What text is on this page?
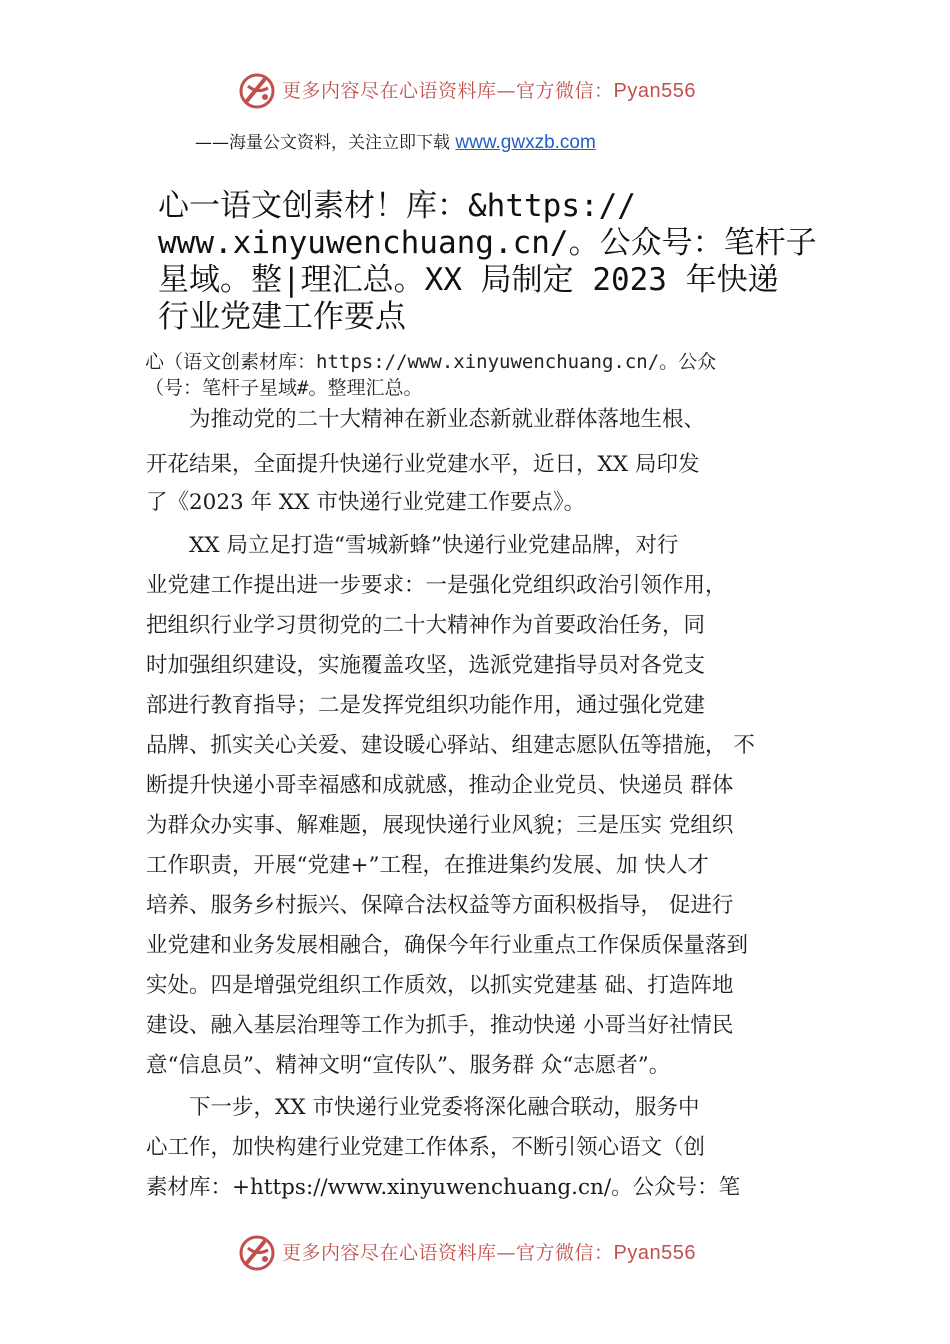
更多内容尽在心语资料库—官方微信：Pyan556
——海量公文资料，关注立即下载 www.gwxzb.com
心一语文创素材！库：&https://
www.xinyuwenchuang.cn/。公众号：笔杆子
星域。整|理汇总。XX 局制定 2023 年快递
行业党建工作要点
心（语文创素材库：https://www.xinyuwenchuang.cn/。公众
（号：笔杆子星域#。整理汇总。
　　为推动党的二十大精神在新业态新就业群体落地生根、
开花结果，全面提升快递行业党建水平，近日，XX 局印发
了《2023 年 XX 市快递行业党建工作要点》。
　　XX 局立足打造“雪城新蜂”快递行业党建品牌，对行
业党建工作提出进一步要求：一是强化党组织政治引领作用，
把组织行业学习贯彻党的二十大精神作为首要政治任务，同
时加强组织建设，实施覆盖攻坚，选派党建指导员对各党支
部进行教育指导；二是发挥党组织功能作用，通过强化党建
品牌、抓实关心关爱、建设暖心驿站、组建志愿队伍等措施， 不
断提升快递小哥幸福感和成就感，推动企业党员、快递员 群体
为群众办实事、解难题，展现快递行业风貌；三是压实 党组织
工作职责，开展“党建+”工程，在推进集约发展、加 快人才
培养、服务乡村振兴、保障合法权益等方面积极指导， 促进行
业党建和业务发展相融合，确保今年行业重点工作保质保量落到
实处。四是增强党组织工作质效，以抓实党建基 础、打造阵地
建设、融入基层治理等工作为抓手，推动快递 小哥当好社情民
意“信息员”、精神文明“宣传队”、服务群 众“志愿者”。
　　下一步，XX 市快递行业党委将深化融合联动，服务中
心工作，加快构建行业党建工作体系，不断引领心语文（创
素材库：+https://www.xinyuwenchuang.cn/。公众号：笔
更多内容尽在心语资料库—官方微信：Pyan556
